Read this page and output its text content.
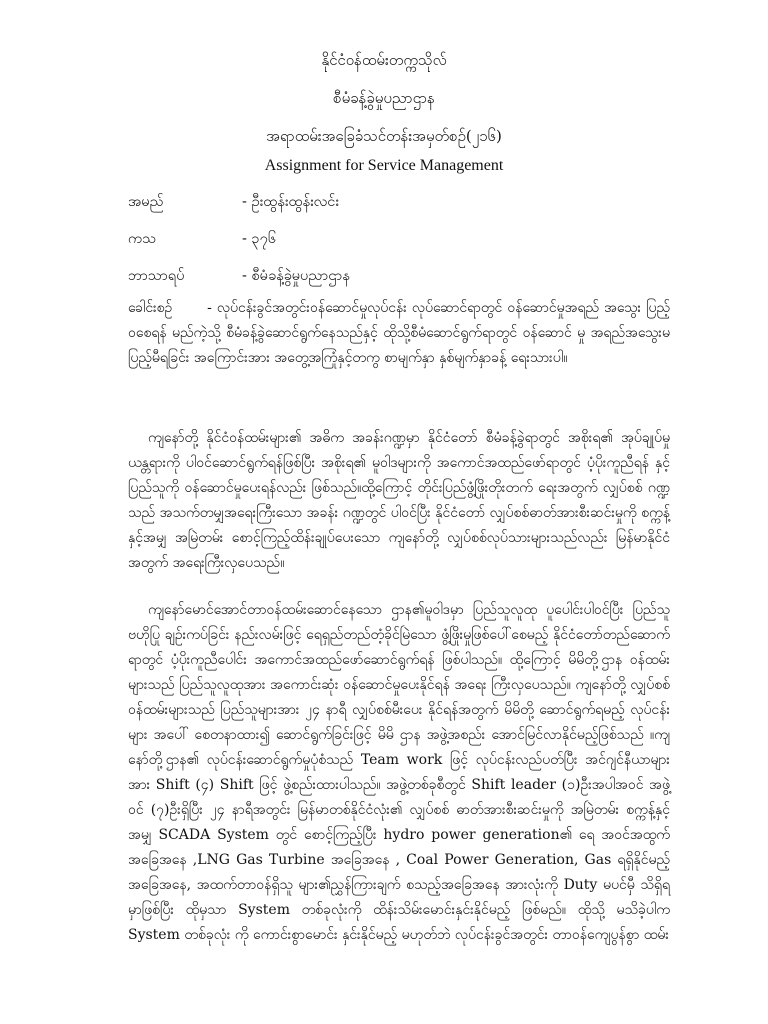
နိုင်ငံဝန်ထမ်းတက္ကသိုလ်
စီမံခန့်ခွဲမှုပညာဌာန
အရာထမ်းအခြေခံသင်တန်းအမှတ်စဉ်(၂၁၆)
Assignment for Service Management
အမည်	- ဦးထွန်းထွန်းလင်း
ကသ	- ၃၇၆
ဘာသာရပ်	- စီမံခန့်ခွဲမှုပညာဌာန
ခေါင်းစဉ် - လုပ်ငန်းခွင်အတွင်းဝန်ဆောင်မှုလုပ်ငန်း လုပ်ဆောင်ရာတွင် ဝန်ဆောင်မှုအရည် အသွေး ပြည့်ဝစေရန် မည်ကဲ့သို့ စီမံခန့်ခွဲဆောင်ရွက်နေသည်နှင့် ထိုသို့စီမံဆောင်ရွက်ရာတွင် ဝန်ဆောင် မှု အရည်အသွေးမပြည့်မီရခြင်း အကြောင်းအား အတွေ့အကြုံနှင့်တကွ စာမျက်နှာ နှစ်မျက်နှာခန့် ရေးသားပါ။

ကျနော်တို့ နိုင်ငံဝန်ထမ်းများ၏ အဓိက အခန်းဂဏ္ဍမှာ နိုင်ငံတော် စီမံခန့်ခွဲရာတွင် အစိုးရ၏ အုပ်ချုပ်မှု ယန္တရားကို ပါဝင်ဆောင်ရွက်ရန်ဖြစ်ပြီး အစိုးရ၏ မူဝါဒများကို အကောင်အထည်ဖော်ရာတွင် ပံ့ပိုးကူညီရန် နှင့် ပြည်သူကို ဝန်ဆောင်မှုပေးရန်လည်း ဖြစ်သည်။ထို့ကြောင့် တိုင်းပြည်ဖွံ့ဖြိုးတိုးတက် ရေးအတွက် လျှပ်စစ် ဂဏ္ဍသည် အသက်တမျှအရေးကြီးသော အခန်း ဂဏ္ဍတွင် ပါဝင်ပြီး နိုင်ငံတော် လျှပ်စစ်ဓာတ်အားစီးဆင်းမှုကို စက္ကန့်နှင့်အမျှ အမြဲတမ်း စောင့်ကြည့်ထိန်းချုပ်ပေးသော ကျနော်တို့ လျှပ်စစ်လုပ်သားများသည်လည်း မြန်မာနိုင်ငံ အတွက် အရေးကြီးလှပေသည်။

ကျနော်မောင်အောင်တာဝန်ထမ်းဆောင်နေသော ဌာန၏မူဝါဒမှာ ပြည်သူလူထု ပူပေါင်းပါဝင်ပြီး ပြည်သူ ဗဟိုပြု ချဉ်းကပ်ခြင်း နည်းလမ်းဖြင့် ရေရှည်တည်တံ့ခိုင်မြဲသော ဖွံ့ဖြိုးမှုဖြစ်ပေါ်စေမည့် နိုင်ငံတော်တည်ဆောက်ရာတွင် ပံ့ပိုးကူညီပေါင်း အကောင်အထည်ဖော်ဆောင်ရွက်ရန် ဖြစ်ပါသည်။ ထို့ကြောင့် မိမိတို့ဌာန ဝန်ထမ်းများသည် ပြည်သူလူထုအား အကောင်းဆုံး ဝန်ဆောင်မှုပေးနိုင်ရန် အရေး ကြီးလှပေသည်။ ကျနော်တို့ လျှပ်စစ်ဝန်ထမ်းများသည် ပြည်သူများအား ၂၄ နာရီ လျှပ်စစ်မီးပေး နိုင်ရန်အတွက် မိမိတို့ ဆောင်ရွက်ရမည့် လုပ်ငန်းများ အပေါ် စေတနာထား၍ ဆောင်ရွက်ခြင်းဖြင့် မိမိ ဌာန အဖွဲ့အစည်း အောင်မြင်လာနိုင်မည့်ဖြစ်သည် ။ကျနော်တို့ဌာန၏ လုပ်ငန်းဆောင်ရွက်မှုပုံစံသည် Team work ဖြင့် လုပ်ငန်းလည်ပတ်ပြီး အင်ဂျင်နီယာများအား Shift (၄) Shift ဖြင့် ဖွဲ့စည်းထားပါသည်။ အဖွဲ့တစ်ခုစီတွင် Shift leader (၁)ဦးအပါအဝင် အဖွဲ့ဝင် (၇)ဦးရှိပြီး ၂၄ နာရီအတွင်း မြန်မာတစ်နိုင်ငံလုံး၏ လျှပ်စစ် ဓာတ်အားစီးဆင်းမှုကို အမြဲတမ်း စက္ကန့်နှင့်အမျှ SCADA System တွင် စောင့်ကြည့်ပြီး hydro power generation၏ ရေ အဝင်အထွက်အခြေအနေ ,LNG Gas Turbine အခြေအနေ , Coal Power Generation, Gas ရရှိနိုင်မည့် အခြေအနေ, အထက်တာဝန်ရှိသူ များ၏ညွှန်ကြားချက် စသည့်အခြေအနေ အားလုံးကို Duty မပင်မှီ သိရှိရမှာဖြစ်ပြီး ထိုမှသာ System တစ်ခုလုံးကို ထိန်းသိမ်းမောင်းနှင်းနိုင်မည့် ဖြစ်မည်။ ထိုသို့ မသိခဲ့ပါက System တစ်ခုလုံး ကို ကောင်းစွာမောင်း နှင်းနိုင်မည့် မဟုတ်ဘဲ လုပ်ငန်းခွင်အတွင်း တာဝန်ကျေပွန်စွာ ထမ်း
